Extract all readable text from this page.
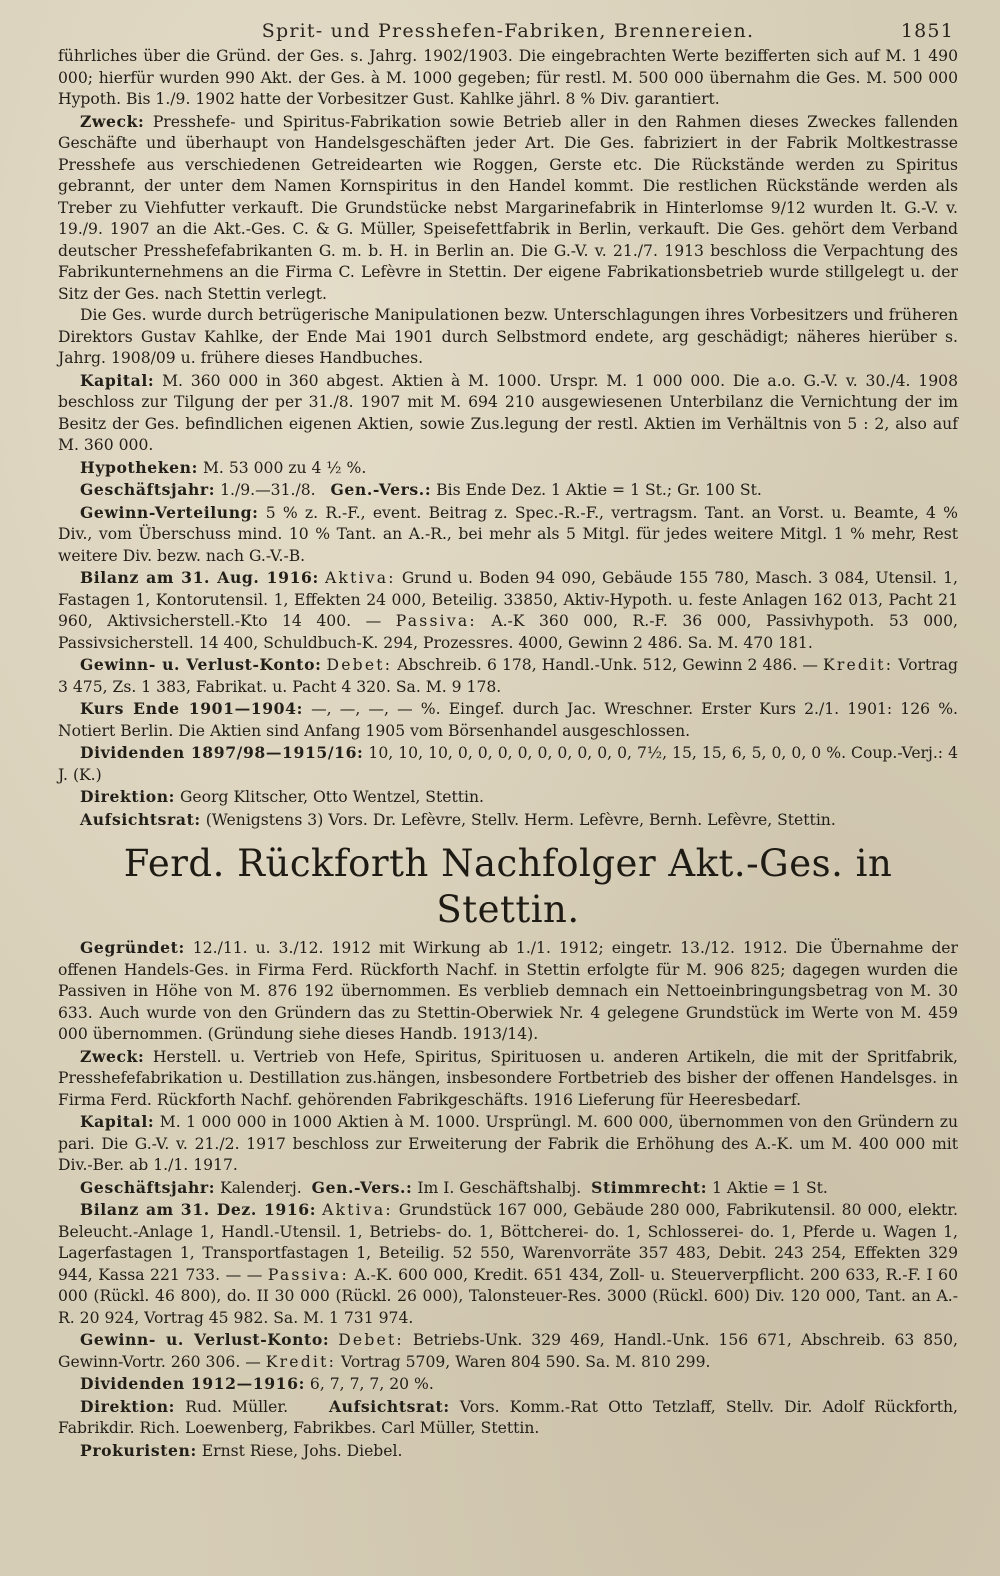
Sprit- und Presshefen-Fabriken, Brennereien.	1851

führliches über die Gründ. der Ges. s. Jahrg. 1902/1903. Die eingebrachten Werte bezifferten sich auf M. 1 490 000; hierfür wurden 990 Akt. der Ges. à M. 1000 gegeben; für restl. M. 500 000 übernahm die Ges. M. 500 000 Hypoth. Bis 1./9. 1902 hatte der Vorbesitzer Gust. Kahlke jährl. 8 % Div. garantiert.

Zweck: Presshefe- und Spiritus-Fabrikation sowie Betrieb aller in den Rahmen dieses Zweckes fallenden Geschäfte und überhaupt von Handelsgeschäften jeder Art. Die Ges. fabriziert in der Fabrik Moltkestrasse Presshefe aus verschiedenen Getreidearten wie Roggen, Gerste etc. Die Rückstände werden zu Spiritus gebrannt, der unter dem Namen Kornspiritus in den Handel kommt. Die restlichen Rückstände werden als Treber zu Viehfutter verkauft. Die Grundstücke nebst Margarinefabrik in Hinterlomse 9/12 wurden lt. G.-V. v. 19./9. 1907 an die Akt.-Ges. C. & G. Müller, Speisefettfabrik in Berlin, verkauft. Die Ges. gehört dem Verband deutscher Presshefefabrikanten G. m. b. H. in Berlin an. Die G.-V. v. 21./7. 1913 beschloss die Verpachtung des Fabrikunternehmens an die Firma C. Lefèvre in Stettin. Der eigene Fabrikationsbetrieb wurde stillgelegt u. der Sitz der Ges. nach Stettin verlegt.

Die Ges. wurde durch betrügerische Manipulationen bezw. Unterschlagungen ihres Vorbesitzers und früheren Direktors Gustav Kahlke, der Ende Mai 1901 durch Selbstmord endete, arg geschädigt; näheres hierüber s. Jahrg. 1908/09 u. frühere dieses Handbuches.

Kapital: M. 360 000 in 360 abgest. Aktien à M. 1000. Urspr. M. 1 000 000. Die a.o. G.-V. v. 30./4. 1908 beschloss zur Tilgung der per 31./8. 1907 mit M. 694 210 ausgewiesenen Unterbilanz die Vernichtung der im Besitz der Ges. befindlichen eigenen Aktien, sowie Zus.legung der restl. Aktien im Verhältnis von 5 : 2, also auf M. 360 000.

Hypotheken: M. 53 000 zu 4 ½ %.

Geschäftsjahr: 1./9.—31./8. Gen.-Vers.: Bis Ende Dez. 1 Aktie = 1 St.; Gr. 100 St.

Gewinn-Verteilung: 5 % z. R.-F., event. Beitrag z. Spec.-R.-F., vertragsm. Tant. an Vorst. u. Beamte, 4 % Div., vom Überschuss mind. 10 % Tant. an A.-R., bei mehr als 5 Mitgl. für jedes weitere Mitgl. 1 % mehr, Rest weitere Div. bezw. nach G.-V.-B.

Bilanz am 31. Aug. 1916: Aktiva: Grund u. Boden 94 090, Gebäude 155 780, Masch. 3 084, Utensil. 1, Fastagen 1, Kontorutensil. 1, Effekten 24 000, Beteilig. 33850, Aktiv-Hypoth. u. feste Anlagen 162 013, Pacht 21 960, Aktivsicherstell.-Kto 14 400. — Passiva: A.-K 360 000, R.-F. 36 000, Passivhypoth. 53 000, Passivsicherstell. 14 400, Schuldbuch-K. 294, Prozessres. 4000, Gewinn 2 486. Sa. M. 470 181.

Gewinn- u. Verlust-Konto: Debet: Abschreib. 6 178, Handl.-Unk. 512, Gewinn 2 486. — Kredit: Vortrag 3 475, Zs. 1 383, Fabrikat. u. Pacht 4 320. Sa. M. 9 178.

Kurs Ende 1901—1904: —, —, —, — %. Eingef. durch Jac. Wreschner. Erster Kurs 2./1. 1901: 126 %. Notiert Berlin. Die Aktien sind Anfang 1905 vom Börsenhandel ausgeschlossen.

Dividenden 1897/98—1915/16: 10, 10, 10, 0, 0, 0, 0, 0, 0, 0, 0, 0, 7½, 15, 15, 6, 5, 0, 0, 0 %. Coup.-Verj.: 4 J. (K.)

Direktion: Georg Klitscher, Otto Wentzel, Stettin.

Aufsichtsrat: (Wenigstens 3) Vors. Dr. Lefèvre, Stellv. Herm. Lefèvre, Bernh. Lefèvre, Stettin.

Ferd. Rückforth Nachfolger Akt.-Ges. in Stettin.

Gegründet: 12./11. u. 3./12. 1912 mit Wirkung ab 1./1. 1912; eingetr. 13./12. 1912. Die Übernahme der offenen Handels-Ges. in Firma Ferd. Rückforth Nachf. in Stettin erfolgte für M. 906 825; dagegen wurden die Passiven in Höhe von M. 876 192 übernommen. Es verblieb demnach ein Nettoeinbringungsbetrag von M. 30 633. Auch wurde von den Gründern das zu Stettin-Oberwiek Nr. 4 gelegene Grundstück im Werte von M. 459 000 übernommen. (Gründung siehe dieses Handb. 1913/14).

Zweck: Herstell. u. Vertrieb von Hefe, Spiritus, Spirituosen u. anderen Artikeln, die mit der Spritfabrik, Presshefefabrikation u. Destillation zus.hängen, insbesondere Fortbetrieb des bisher der offenen Handelsges. in Firma Ferd. Rückforth Nachf. gehörenden Fabrikgeschäfts. 1916 Lieferung für Heeresbedarf.

Kapital: M. 1 000 000 in 1000 Aktien à M. 1000. Ursprüngl. M. 600 000, übernommen von den Gründern zu pari. Die G.-V. v. 21./2. 1917 beschloss zur Erweiterung der Fabrik die Erhöhung des A.-K. um M. 400 000 mit Div.-Ber. ab 1./1. 1917.

Geschäftsjahr: Kalenderj. Gen.-Vers.: Im I. Geschäftshalbj. Stimmrecht: 1 Aktie = 1 St.

Bilanz am 31. Dez. 1916: Aktiva: Grundstück 167 000, Gebäude 280 000, Fabrikutensil. 80 000, elektr. Beleucht.-Anlage 1, Handl.-Utensil. 1, Betriebs- do. 1, Böttcherei- do. 1, Schlosserei- do. 1, Pferde u. Wagen 1, Lagerfastagen 1, Transportfastagen 1, Beteilig. 52 550, Warenvorräte 357 483, Debit. 243 254, Effekten 329 944, Kassa 221 733. — — Passiva: A.-K. 600 000, Kredit. 651 434, Zoll- u. Steuerverpflicht. 200 633, R.-F. I 60 000 (Rückl. 46 800), do. II 30 000 (Rückl. 26 000), Talonsteuer-Res. 3000 (Rückl. 600) Div. 120 000, Tant. an A.-R. 20 924, Vortrag 45 982. Sa. M. 1 731 974.

Gewinn- u. Verlust-Konto: Debet: Betriebs-Unk. 329 469, Handl.-Unk. 156 671, Abschreib. 63 850, Gewinn-Vortr. 260 306. — Kredit: Vortrag 5709, Waren 804 590. Sa. M. 810 299.

Dividenden 1912—1916: 6, 7, 7, 7, 20 %.

Direktion: Rud. Müller.	Aufsichtsrat: Vors. Komm.-Rat Otto Tetzlaff, Stellv. Dir. Adolf Rückforth, Fabrikdir. Rich. Loewenberg, Fabrikbes. Carl Müller, Stettin.

Prokuristen: Ernst Riese, Johs. Diebel.
